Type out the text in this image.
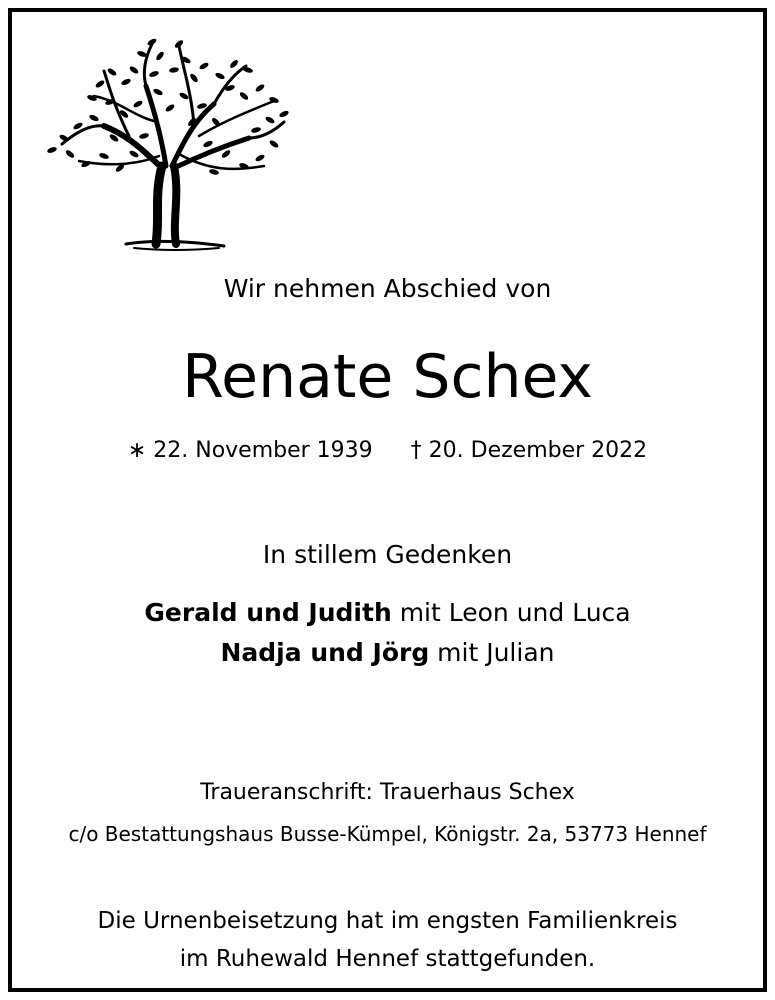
Wir nehmen Abschied von
Renate Schex
∗ 22. November 1939 † 20. Dezember 2022
In stillem Gedenken
Gerald und Judith mit Leon und Luca
Nadja und Jörg mit Julian
Traueranschrift: Trauerhaus Schex
c/o Bestattungshaus Busse-Kümpel, Königstr. 2a, 53773 Hennef
Die Urnenbeisetzung hat im engsten Familienkreis
im Ruhewald Hennef stattgefunden.
